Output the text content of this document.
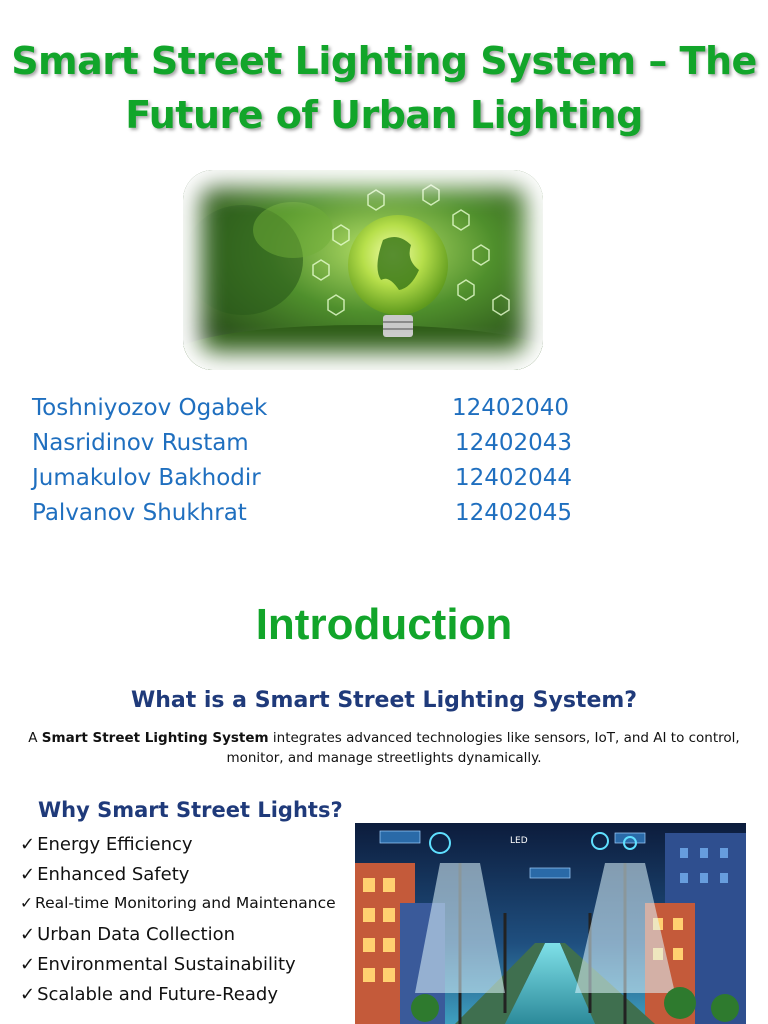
Smart Street Lighting System – The
Future of Urban Lighting
Toshniyozov Ogabek	12402040
Nasridinov Rustam	12402043
Jumakulov Bakhodir	12402044
Palvanov Shukhrat	12402045
Introduction
What is a Smart Street Lighting System?
A Smart Street Lighting System integrates advanced technologies like sensors, IoT, and AI to control, monitor, and manage streetlights dynamically.
Why Smart Street Lights?
✓ Energy Efficiency
✓ Enhanced Safety
✓ Real-time Monitoring and Maintenance
✓ Urban Data Collection
✓ Environmental Sustainability
✓ Scalable and Future-Ready
LED
